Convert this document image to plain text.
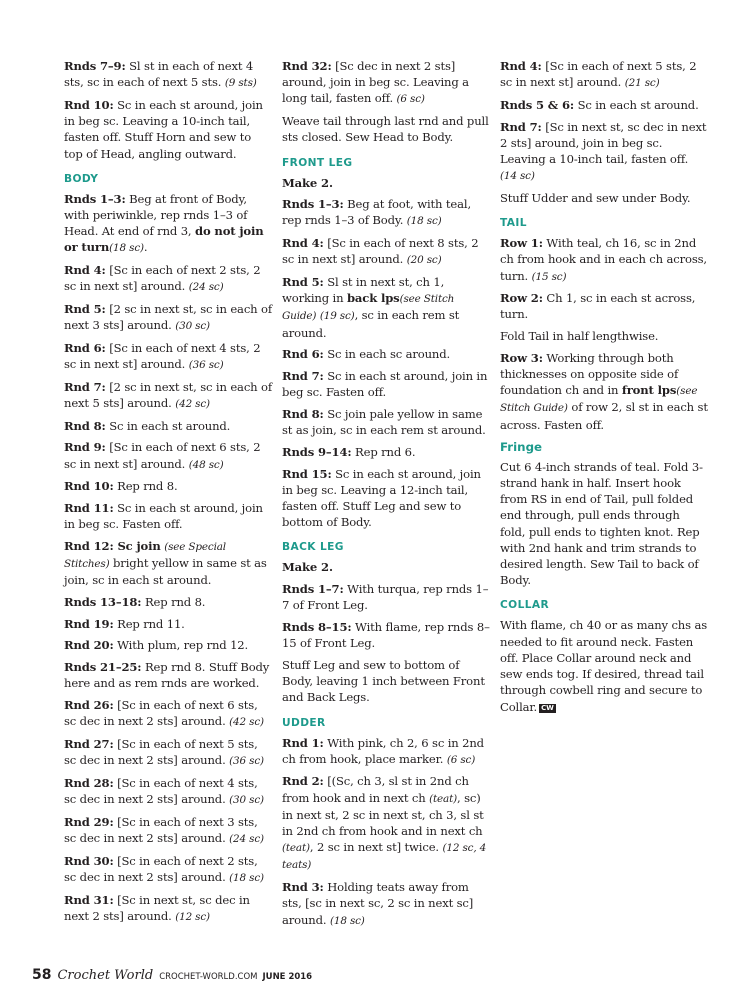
Rnds 7–9: Sl st in each of next 4 sts, sc in each of next 5 sts. (9 sts)

Rnd 10: Sc in each st around, join in beg sc. Leaving a 10-inch tail, fasten off. Stuff Horn and sew to top of Head, angling outward.

BODY

Rnds 1–3: Beg at front of Body, with periwinkle, rep rnds 1–3 of Head. At end of rnd 3, do not join or turn(18 sc).

Rnd 4: [Sc in each of next 2 sts, 2 sc in next st] around. (24 sc)

Rnd 5: [2 sc in next st, sc in each of next 3 sts] around. (30 sc)

Rnd 6: [Sc in each of next 4 sts, 2 sc in next st] around. (36 sc)

Rnd 7: [2 sc in next st, sc in each of next 5 sts] around. (42 sc)

Rnd 8: Sc in each st around.

Rnd 9: [Sc in each of next 6 sts, 2 sc in next st] around. (48 sc)

Rnd 10: Rep rnd 8.

Rnd 11: Sc in each st around, join in beg sc. Fasten off.

Rnd 12: Sc join (see Special Stitches) bright yellow in same st as join, sc in each st around.

Rnds 13–18: Rep rnd 8.

Rnd 19: Rep rnd 11.

Rnd 20: With plum, rep rnd 12.

Rnds 21–25: Rep rnd 8. Stuff Body here and as rem rnds are worked.

Rnd 26: [Sc in each of next 6 sts, sc dec in next 2 sts] around. (42 sc)

Rnd 27: [Sc in each of next 5 sts, sc dec in next 2 sts] around. (36 sc)

Rnd 28: [Sc in each of next 4 sts, sc dec in next 2 sts] around. (30 sc)

Rnd 29: [Sc in each of next 3 sts, sc dec in next 2 sts] around. (24 sc)

Rnd 30: [Sc in each of next 2 sts, sc dec in next 2 sts] around. (18 sc)

Rnd 31: [Sc in next st, sc dec in next 2 sts] around. (12 sc)

Rnd 32: [Sc dec in next 2 sts] around, join in beg sc. Leaving a long tail, fasten off. (6 sc)

Weave tail through last rnd and pull sts closed. Sew Head to Body.

FRONT LEG

Make 2.

Rnds 1–3: Beg at foot, with teal, rep rnds 1–3 of Body. (18 sc)

Rnd 4: [Sc in each of next 8 sts, 2 sc in next st] around. (20 sc)

Rnd 5: Sl st in next st, ch 1, working in back lps(see Stitch Guide) (19 sc), sc in each rem st around.

Rnd 6: Sc in each sc around.

Rnd 7: Sc in each st around, join in beg sc. Fasten off.

Rnd 8: Sc join pale yellow in same st as join, sc in each rem st around.

Rnds 9–14: Rep rnd 6.

Rnd 15: Sc in each st around, join in beg sc. Leaving a 12-inch tail, fasten off. Stuff Leg and sew to bottom of Body.

BACK LEG

Make 2.

Rnds 1–7: With turqua, rep rnds 1–7 of Front Leg.

Rnds 8–15: With flame, rep rnds 8–15 of Front Leg.

Stuff Leg and sew to bottom of Body, leaving 1 inch between Front and Back Legs.

UDDER

Rnd 1: With pink, ch 2, 6 sc in 2nd ch from hook, place marker. (6 sc)

Rnd 2: [(Sc, ch 3, sl st in 2nd ch from hook and in next ch (teat), sc) in next st, 2 sc in next st, ch 3, sl st in 2nd ch from hook and in next ch (teat), 2 sc in next st] twice. (12 sc, 4 teats)

Rnd 3: Holding teats away from sts, [sc in next sc, 2 sc in next sc] around. (18 sc)

Rnd 4: [Sc in each of next 5 sts, 2 sc in next st] around. (21 sc)

Rnds 5 & 6: Sc in each st around.

Rnd 7: [Sc in next st, sc dec in next 2 sts] around, join in beg sc. Leaving a 10-inch tail, fasten off. (14 sc)

Stuff Udder and sew under Body.

TAIL

Row 1: With teal, ch 16, sc in 2nd ch from hook and in each ch across, turn. (15 sc)

Row 2: Ch 1, sc in each st across, turn.

Fold Tail in half lengthwise.

Row 3: Working through both thicknesses on opposite side of foundation ch and in front lps(see Stitch Guide) of row 2, sl st in each st across. Fasten off.

Fringe

Cut 6 4-inch strands of teal. Fold 3-strand hank in half. Insert hook from RS in end of Tail, pull folded end through, pull ends through fold, pull ends to tighten knot. Rep with 2nd hank and trim strands to desired length. Sew Tail to back of Body.

COLLAR

With flame, ch 40 or as many chs as needed to fit around neck. Fasten off. Place Collar around neck and sew ends tog. If desired, thread tail through cowbell ring and secure to Collar. CW

58 Crochet World CROCHET-WORLD.COM JUNE 2016
